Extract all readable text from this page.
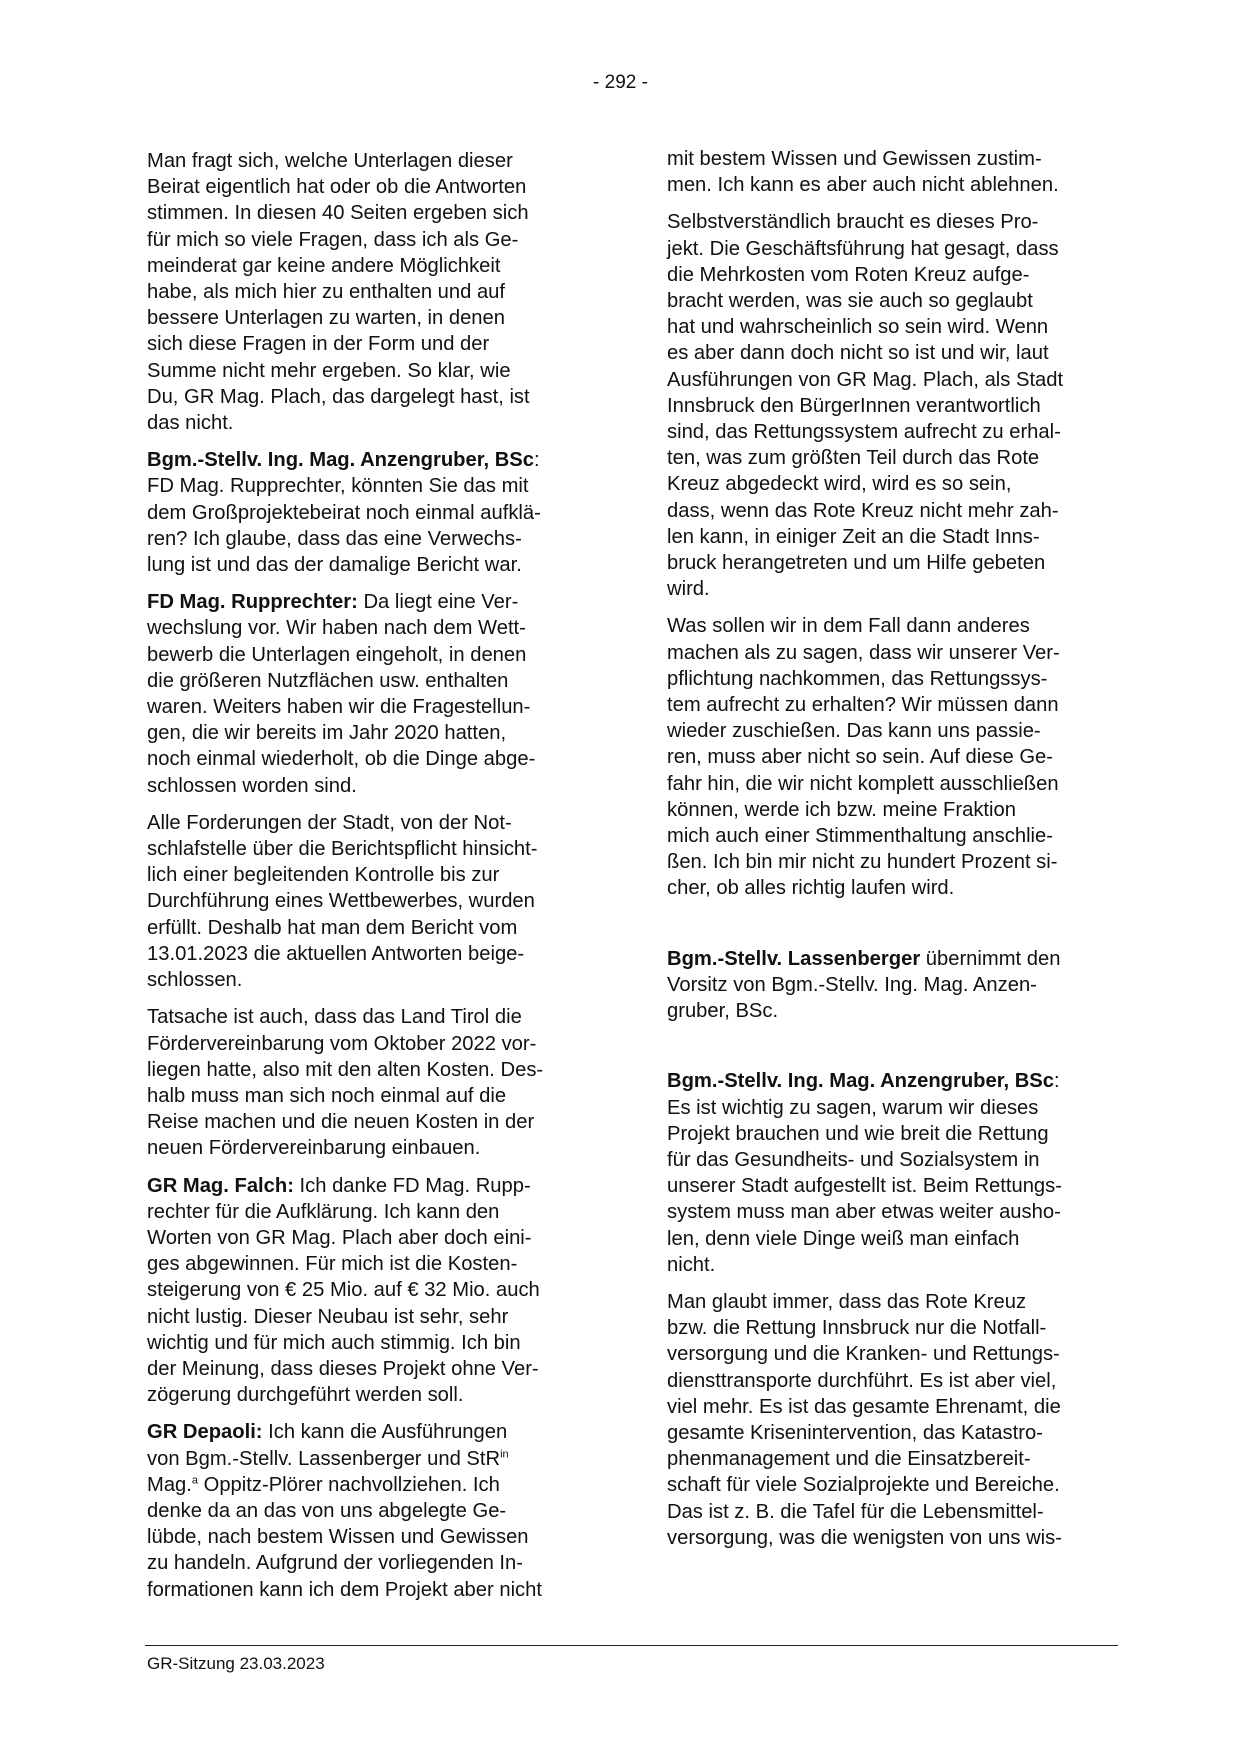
- 292 -

Man fragt sich, welche Unterlagen dieser
Beirat eigentlich hat oder ob die Antworten
stimmen. In diesen 40 Seiten ergeben sich
für mich so viele Fragen, dass ich als Ge-
meinderat gar keine andere Möglichkeit
habe, als mich hier zu enthalten und auf
bessere Unterlagen zu warten, in denen
sich diese Fragen in der Form und der
Summe nicht mehr ergeben. So klar, wie
Du, GR Mag. Plach, das dargelegt hast, ist
das nicht.

Bgm.-Stellv. Ing. Mag. Anzengruber, BSc:
FD Mag. Rupprechter, könnten Sie das mit
dem Großprojektebeirat noch einmal aufklä-
ren? Ich glaube, dass das eine Verwechs-
lung ist und das der damalige Bericht war.

FD Mag. Rupprechter: Da liegt eine Ver-
wechslung vor. Wir haben nach dem Wett-
bewerb die Unterlagen eingeholt, in denen
die größeren Nutzflächen usw. enthalten
waren. Weiters haben wir die Fragestellun-
gen, die wir bereits im Jahr 2020 hatten,
noch einmal wiederholt, ob die Dinge abge-
schlossen worden sind.

Alle Forderungen der Stadt, von der Not-
schlafstelle über die Berichtspflicht hinsicht-
lich einer begleitenden Kontrolle bis zur
Durchführung eines Wettbewerbes, wurden
erfüllt. Deshalb hat man dem Bericht vom
13.01.2023 die aktuellen Antworten beige-
schlossen.

Tatsache ist auch, dass das Land Tirol die
Fördervereinbarung vom Oktober 2022 vor-
liegen hatte, also mit den alten Kosten. Des-
halb muss man sich noch einmal auf die
Reise machen und die neuen Kosten in der
neuen Fördervereinbarung einbauen.

GR Mag. Falch: Ich danke FD Mag. Rupp-
rechter für die Aufklärung. Ich kann den
Worten von GR Mag. Plach aber doch eini-
ges abgewinnen. Für mich ist die Kosten-
steigerung von € 25 Mio. auf € 32 Mio. auch
nicht lustig. Dieser Neubau ist sehr, sehr
wichtig und für mich auch stimmig. Ich bin
der Meinung, dass dieses Projekt ohne Ver-
zögerung durchgeführt werden soll.

GR Depaoli: Ich kann die Ausführungen
von Bgm.-Stellv. Lassenberger und StR$^{in}$
Mag.$^a$ Oppitz-Plörer nachvollziehen. Ich
denke da an das von uns abgelegte Ge-
lübde, nach bestem Wissen und Gewissen
zu handeln. Aufgrund der vorliegenden In-
formationen kann ich dem Projekt aber nicht

mit bestem Wissen und Gewissen zustim-
men. Ich kann es aber auch nicht ablehnen.

Selbstverständlich braucht es dieses Pro-
jekt. Die Geschäftsführung hat gesagt, dass
die Mehrkosten vom Roten Kreuz aufge-
bracht werden, was sie auch so geglaubt
hat und wahrscheinlich so sein wird. Wenn
es aber dann doch nicht so ist und wir, laut
Ausführungen von GR Mag. Plach, als Stadt
Innsbruck den BürgerInnen verantwortlich
sind, das Rettungssystem aufrecht zu erhal-
ten, was zum größten Teil durch das Rote
Kreuz abgedeckt wird, wird es so sein,
dass, wenn das Rote Kreuz nicht mehr zah-
len kann, in einiger Zeit an die Stadt Inns-
bruck herangetreten und um Hilfe gebeten
wird.

Was sollen wir in dem Fall dann anderes
machen als zu sagen, dass wir unserer Ver-
pflichtung nachkommen, das Rettungssys-
tem aufrecht zu erhalten? Wir müssen dann
wieder zuschießen. Das kann uns passie-
ren, muss aber nicht so sein. Auf diese Ge-
fahr hin, die wir nicht komplett ausschließen
können, werde ich bzw. meine Fraktion
mich auch einer Stimmenthaltung anschlie-
ßen. Ich bin mir nicht zu hundert Prozent si-
cher, ob alles richtig laufen wird.

Bgm.-Stellv. Lassenberger übernimmt den
Vorsitz von Bgm.-Stellv. Ing. Mag. Anzen-
gruber, BSc.

Bgm.-Stellv. Ing. Mag. Anzengruber, BSc:
Es ist wichtig zu sagen, warum wir dieses
Projekt brauchen und wie breit die Rettung
für das Gesundheits- und Sozialsystem in
unserer Stadt aufgestellt ist. Beim Rettungs-
system muss man aber etwas weiter ausho-
len, denn viele Dinge weiß man einfach
nicht.

Man glaubt immer, dass das Rote Kreuz
bzw. die Rettung Innsbruck nur die Notfall-
versorgung und die Kranken- und Rettungs-
diensttransporte durchführt. Es ist aber viel,
viel mehr. Es ist das gesamte Ehrenamt, die
gesamte Krisenintervention, das Katastro-
phenmanagement und die Einsatzbereit-
schaft für viele Sozialprojekte und Bereiche.
Das ist z. B. die Tafel für die Lebensmittel-
versorgung, was die wenigsten von uns wis-

GR-Sitzung 23.03.2023
